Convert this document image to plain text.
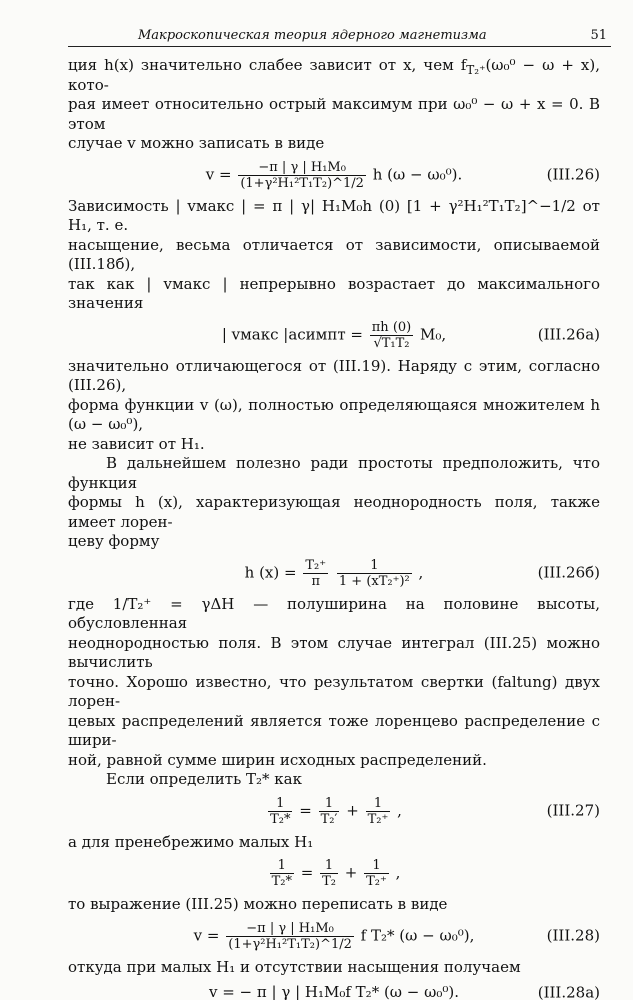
Макроскопическая теория ядерного магнетизма	51

ция h(x) значительно слабее зависит от x, чем $f_{T_2^+}(\omega_0^0 - \omega + x)$, кото-
рая имеет относительно острый максимум при ω₀⁰ − ω + x = 0. В этом
случае v можно записать в виде

$v = \frac{\text{−π | γ | H₁M₀}}{\text{(1+γ²H₁²T₁T₂)\textasciicircum{}1/2}}$ h (ω − ω₀⁰).	(III.26)

Зависимость | vмакс | = π | γ| H₁M₀h (0) [1 + γ²H₁²T₁T₂]^−1/2 от H₁, т. е.
насыщение, весьма отличается от зависимости, описываемой (III.18б),
так как | vмакс | непрерывно возрастает до максимального значения

| vмакс |асимпт = $\frac{\pi h (0)}{\text{√T₁T₂}} M_0$,	(III.26а)

значительно отличающегося от (III.19). Наряду с этим, согласно (III.26),
форма функции v (ω), полностью определяющаяся множителем h (ω − ω₀⁰),
не зависит от H₁.

В дальнейшем полезно ради простоты предположить, что функция
формы h (x), характеризующая неоднородность поля, также имеет лорен-
цеву форму

h $(x) = \frac{\text{T₂⁺}}{\pi}$
$\frac{1}{\text{1 + (xT₂⁺)²}}$ ,	(III.26б)

где 1/T₂⁺ = γΔH — полуширина на половине высоты, обусловленная
неоднородностью поля. В этом случае интеграл (III.25) можно вычислить
точно. Хорошо известно, что результатом свертки (faltung) двух лорен-
цевых распределений является тоже лоренцево распределение с шири-
ной, равной сумме ширин исходных распределений.

Если определить T₂* как

$\frac{1}{\text{T₂*}} = \frac{1}{\text{T₂′}} + \frac{1}{\text{T₂⁺}}$ ,	(III.27)

а для пренебрежимо малых H₁

$\frac{1}{\text{T₂*}} = \frac{1}{\text{T₂}} + \frac{1}{\text{T₂⁺}}$ ,

то выражение (III.25) можно переписать в виде

$v = \frac{\text{−π | γ | H₁M₀}}{\text{(1+γ²H₁²T₁T₂)\textasciicircum{}1/2}}$ f T₂* (ω − ω₀⁰),	(III.28)

откуда при малых H₁ и отсутствии насыщения получаем

v = − π | γ | H₁M₀f T₂* (ω − ω₀⁰).	(III.28а)
